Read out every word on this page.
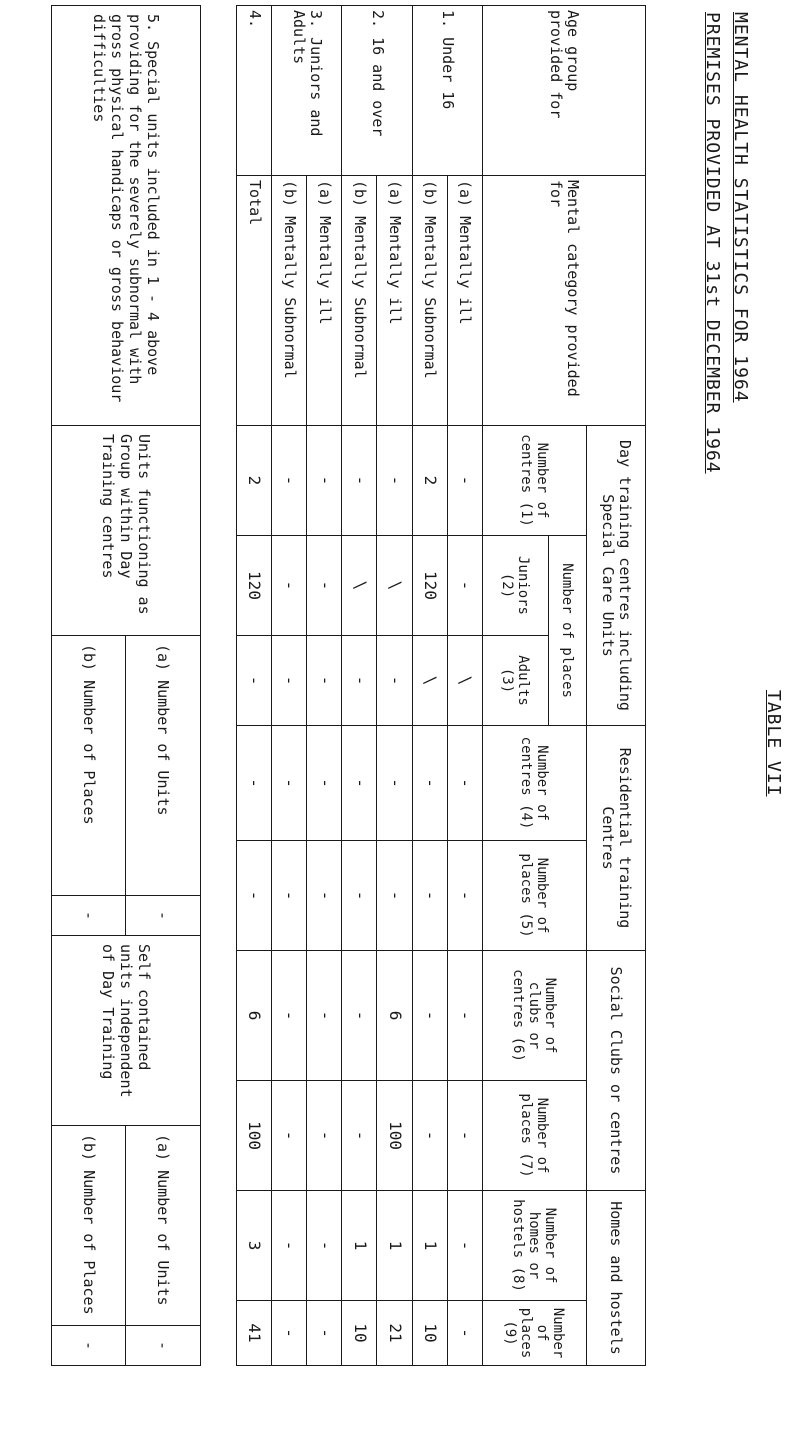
TABLE VII
MENTAL HEALTH STATISTICS FOR 1964
PREMISES PROVIDED AT 31st DECEMBER 1964
Age group provided for	Mental category provided for	Day training centres including Special Care Units			Residential training Centres		Social Clubs or centres		Homes and hostels	
		Number of centres (1)	Number of places		Number of centres (4)	Number of places (5)	Number of clubs or centres (6)	Number of places (7)	Number of homes or hostels (8)	Number of places (9)
			Juniors (2)	Adults (3)						
1. Under 16	(a) Mentally ill	-	-	\	-	-	-	-	-	-
	(b) Mentally Subnormal	2	120	\	-	-	-	-	1	10
2. 16 and over	(a) Mentally ill	-	\	-	-	-	6	100	1	21
	(b) Mentally Subnormal	-	\	-	-	-	-	-	1	10
3. Juniors and Adults	(a) Mentally ill	-	-	-	-	-	-	-	-	-
	(b) Mentally Subnormal	-	-	-	-	-	-	-	-	-
4.	Total	2	120	-	-	-	6	100	3	41
5. Special units included in 1 - 4 above providing for the severely subnormal with gross physical handicaps or gross behaviour difficulties	Units functioning as Group within Day Training centres	(a) Number of Units	-	Self contained units independent of Day Training	(a) Number of Units	-
		(b) Number of Places	-		(b) Number of Places	-
